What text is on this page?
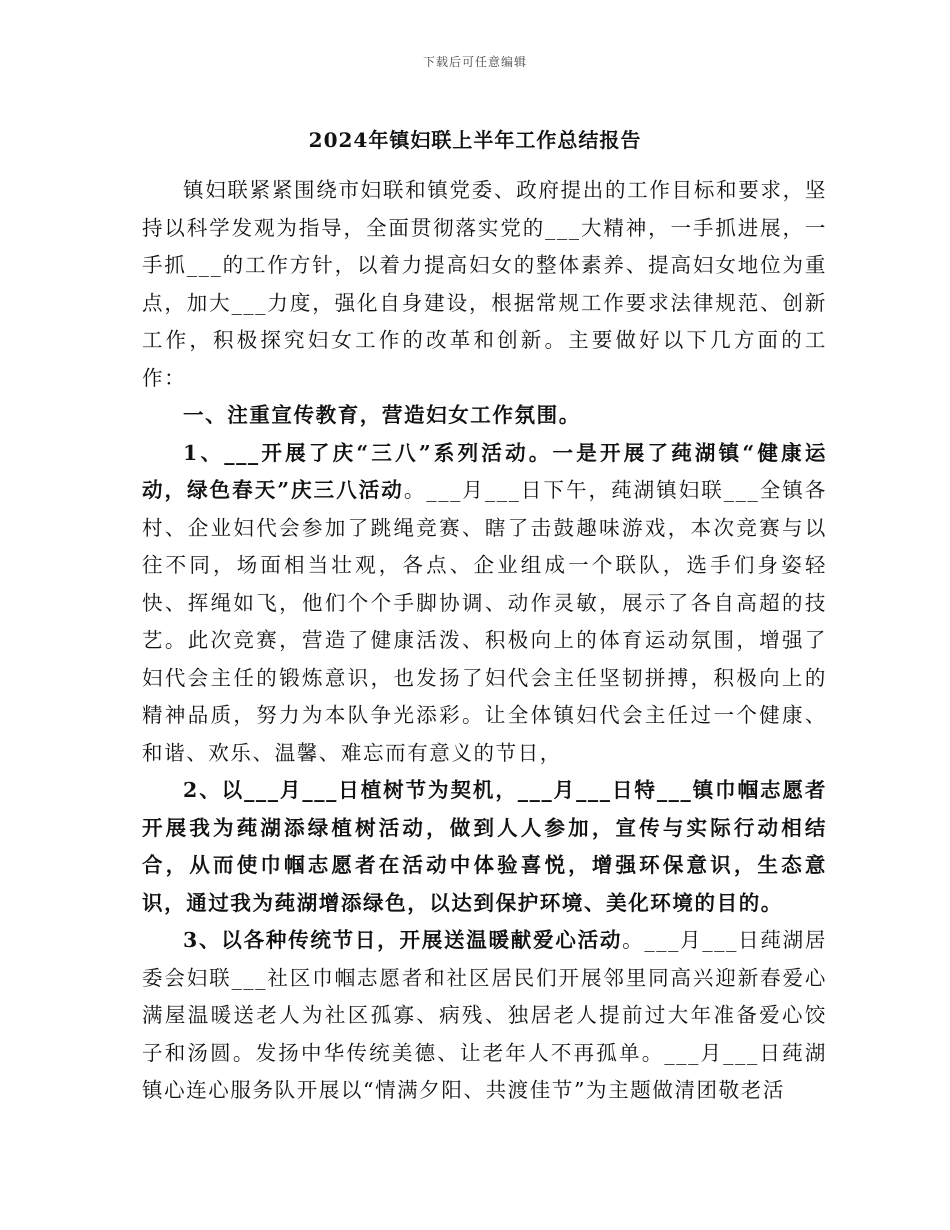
下载后可任意编辑
2024年镇妇联上半年工作总结报告

镇妇联紧紧围绕市妇联和镇党委、政府提出的工作目标和要求，坚持以科学发观为指导，全面贯彻落实党的___大精神，一手抓进展，一手抓___的工作方针，以着力提高妇女的整体素养、提高妇女地位为重点，加大___力度，强化自身建设，根据常规工作要求法律规范、创新工作，积极探究妇女工作的改革和创新。主要做好以下几方面的工作：

一、注重宣传教育，营造妇女工作氛围。

1、___开展了庆“三八”系列活动。一是开展了莼湖镇“健康运动，绿色春天”庆三八活动。___月___日下午，莼湖镇妇联___全镇各村、企业妇代会参加了跳绳竞赛、瞎了击鼓趣味游戏，本次竞赛与以往不同，场面相当壮观，各点、企业组成一个联队，选手们身姿轻快、挥绳如飞，他们个个手脚协调、动作灵敏，展示了各自高超的技艺。此次竞赛，营造了健康活泼、积极向上的体育运动氛围，增强了妇代会主任的锻炼意识，也发扬了妇代会主任坚韧拼搏，积极向上的精神品质，努力为本队争光添彩。让全体镇妇代会主任过一个健康、和谐、欢乐、温馨、难忘而有意义的节日，

2、以___月___日植树节为契机，___月___日特___镇巾帼志愿者开展我为莼湖添绿植树活动，做到人人参加，宣传与实际行动相结合，从而使巾帼志愿者在活动中体验喜悦，增强环保意识，生态意识，通过我为莼湖增添绿色，以达到保护环境、美化环境的目的。

3、以各种传统节日，开展送温暖献爱心活动。___月___日莼湖居委会妇联___社区巾帼志愿者和社区居民们开展邻里同高兴迎新春爱心满屋温暖送老人为社区孤寡、病残、独居老人提前过大年准备爱心饺子和汤圆。发扬中华传统美德、让老年人不再孤单。___月___日莼湖镇心连心服务队开展以“情满夕阳、共渡佳节”为主题做清团敬老活
